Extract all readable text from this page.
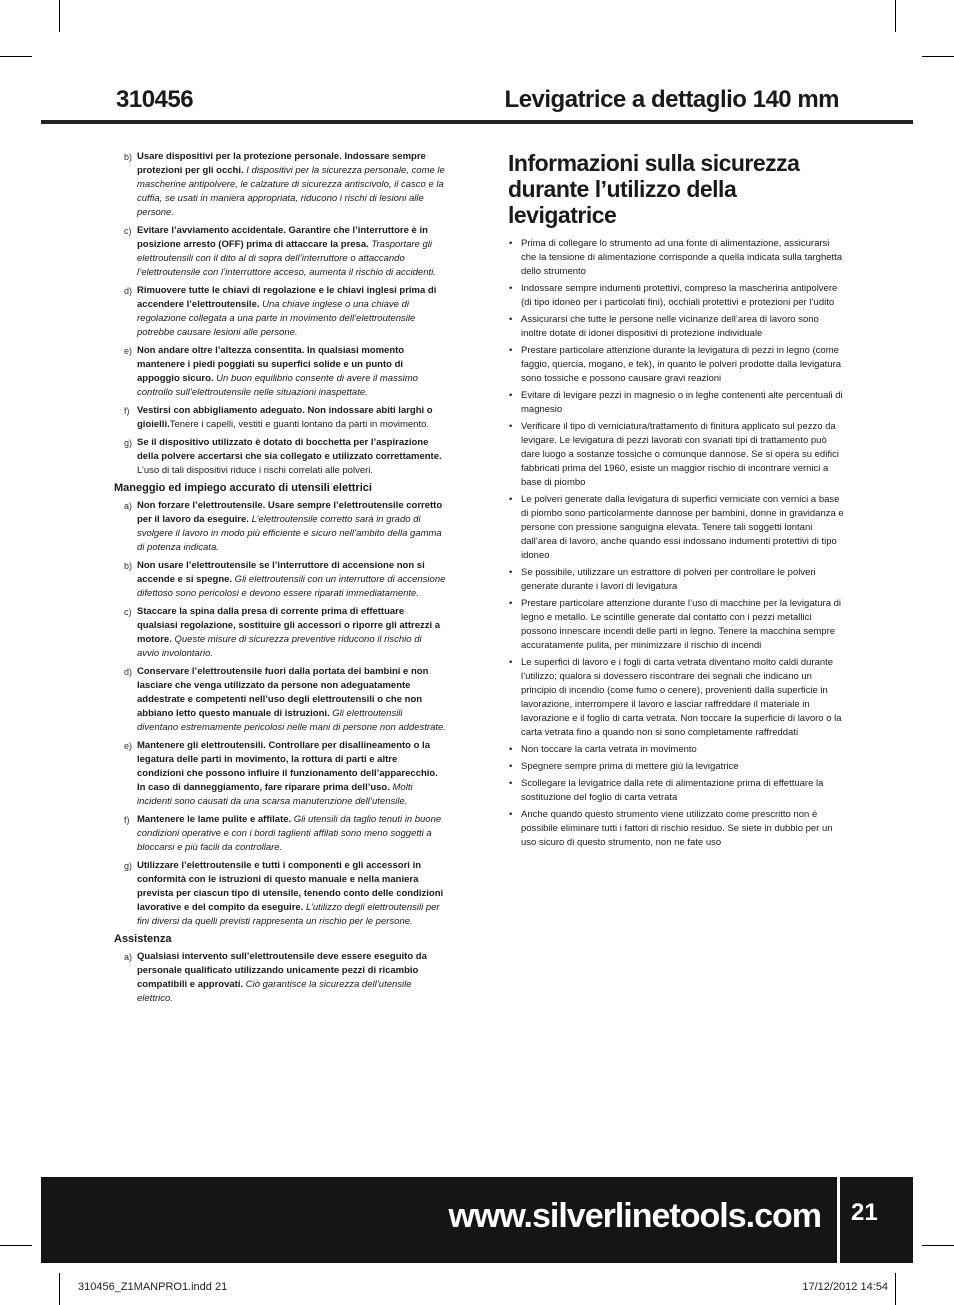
310456	Levigatrice a dettaglio 140 mm
b) Usare dispositivi per la protezione personale. Indossare sempre protezioni per gli occhi. I dispositivi per la sicurezza personale, come le mascherine antipolvere, le calzature di sicurezza antiscivolo, il casco e la cuffia, se usati in maniera appropriata, riducono i rischi di lesioni alle persone.
c) Evitare l’avviamento accidentale. Garantire che l’interruttore è in posizione arresto (OFF) prima di attaccare la presa. Trasportare gli elettroutensili con il dito al di sopra dell’interruttore o attaccando l’elettroutensile con l’interruttore acceso, aumenta il rischio di accidenti.
d) Rimuovere tutte le chiavi di regolazione e le chiavi inglesi prima di accendere l’elettroutensile. Una chiave inglese o una chiave di regolazione collegata a una parte in movimento dell’elettroutensile potrebbe causare lesioni alle persone.
e) Non andare oltre l’altezza consentita. In qualsiasi momento mantenere i piedi poggiati su superfici solide e un punto di appoggio sicuro. Un buon equilibrio consente di avere il massimo controllo sull’elettroutensile nelle situazioni inaspettate.
f) Vestirsi con abbigliamento adeguato. Non indossare abiti larghi o gioielli.Tenere i capelli, vestiti e guanti lontano da parti in movimento.
g) Se il dispositivo utilizzato è dotato di bocchetta per l’aspirazione della polvere accertarsi che sia collegato e utilizzato correttamente. L’uso di tali dispositivi riduce i rischi correlati alle polveri.
Maneggio ed impiego accurato di utensili elettrici
a) Non forzare l’elettroutensile. Usare sempre l’elettroutensile corretto per il lavoro da eseguire. L’elettroutensile corretto sarà in grado di svolgere il lavoro in modo più efficiente e sicuro nell’ambito della gamma di potenza indicata.
b) Non usare l’elettroutensile se l’interruttore di accensione non si accende e si spegne. Gli elettroutensili con un interruttore di accensione difettoso sono pericolosi e devono essere riparati immediatamente.
c) Staccare la spina dalla presa di corrente prima di effettuare qualsiasi regolazione, sostituire gli accessori o riporre gli attrezzi a motore. Queste misure di sicurezza preventive riducono il rischio di avvio involontario.
d) Conservare l’elettroutensile fuori dalla portata dei bambini e non lasciare che venga utilizzato da persone non adeguatamente addestrate e competenti nell’uso degli elettroutensili o che non abbiano letto questo manuale di istruzioni. Gli elettroutensili diventano estremamente pericolosi nelle mani di persone non addestrate.
e) Mantenere gli elettroutensili. Controllare per disallineamento o la legatura delle parti in movimento, la rottura di parti e altre condizioni che possono influire il funzionamento dell’apparecchio. In caso di danneggiamento, fare riparare prima dell’uso. Molti incidenti sono causati da una scarsa manutenzione dell’utensile.
f) Mantenere le lame pulite e affilate. Gli utensili da taglio tenuti in buone condizioni operative e con i bordi taglienti affilati sono meno soggetti a bloccarsi e più facili da controllare.
g) Utilizzare l’elettroutensile e tutti i componenti e gli accessori in conformità con le istruzioni di questo manuale e nella maniera prevista per ciascun tipo di utensile, tenendo conto delle condizioni lavorative e del compito da eseguire. L’utilizzo degli elettroutensili per fini diversi da quelli previsti rappresenta un rischio per le persone.
Assistenza
a) Qualsiasi intervento sull’elettroutensile deve essere eseguito da personale qualificato utilizzando unicamente pezzi di ricambio compatibili e approvati. Ciò garantisce la sicurezza dell’utensile elettrico.
Informazioni sulla sicurezza durante l’utilizzo della levigatrice
• Prima di collegare lo strumento ad una fonte di alimentazione, assicurarsi che la tensione di alimentazione corrisponde a quella indicata sulla targhetta dello strumento
• Indossare sempre indumenti protettivi, compreso la mascherina antipolvere (di tipo idoneo per i particolati fini), occhiali protettivi e protezioni per l’udito
• Assicurarsi che tutte le persone nelle vicinanze dell’area di lavoro sono inoltre dotate di idonei dispositivi di protezione individuale
• Prestare particolare attenzione durante la levigatura di pezzi in legno (come faggio, quercia, mogano, e tek), in quanto le polveri prodotte dalla levigatura sono tossiche e possono causare gravi reazioni
• Evitare di levigare pezzi in magnesio o in leghe contenenti alte percentuali di magnesio
• Verificare il tipo di verniciatura/trattamento di finitura applicato sul pezzo da levigare. Le levigatura di pezzi lavorati con svariati tipi di trattamento può dare luogo a sostanze tossiche o comunque dannose. Se si opera su edifici fabbricati prima del 1960, esiste un maggior rischio di incontrare vernici a base di piombo
• Le polveri generate dalla levigatura di superfici verniciate con vernici a base di piombo sono particolarmente dannose per bambini, donne in gravidanza e persone con pressione sanguigna elevata. Tenere tali soggetti lontani dall’area di lavoro, anche quando essi indossano indumenti protettivi di tipo idoneo
• Se possibile, utilizzare un estrattore di polveri per controllare le polveri generate durante i lavori di levigatura
• Prestare particolare attenzione durante l’uso di macchine per la levigatura di legno e metallo. Le scintille generate dal contatto con i pezzi metallici possono innescare incendi delle parti in legno. Tenere la macchina sempre accuratamente pulita, per minimizzare il rischio di incendi
• Le superfici di lavoro e i fogli di carta vetrata diventano molto caldi durante l’utilizzo; qualora si dovessero riscontrare dei segnali che indicano un principio di incendio (come fumo o cenere), provenienti dalla superficie in lavorazione, interrompere il lavoro e lasciar raffreddare il materiale in lavorazione e il foglio di carta vetrata. Non toccare la superficie di lavoro o la carta vetrata fino a quando non si sono completamente raffreddati
• Non toccare la carta vetrata in movimento
• Spegnere sempre prima di mettere giù la levigatrice
• Scollegare la levigatrice dalla rete di alimentazione prima di effettuare la sostituzione del foglio di carta vetrata
• Anche quando questo strumento viene utilizzato come prescritto non è possibile eliminare tutti i fattori di rischio residuo. Se siete in dubbio per un uso sicuro di questo strumento, non ne fate uso
www.silverlinetools.com 21
310456_Z1MANPRO1.indd 21	17/12/2012 14:54
